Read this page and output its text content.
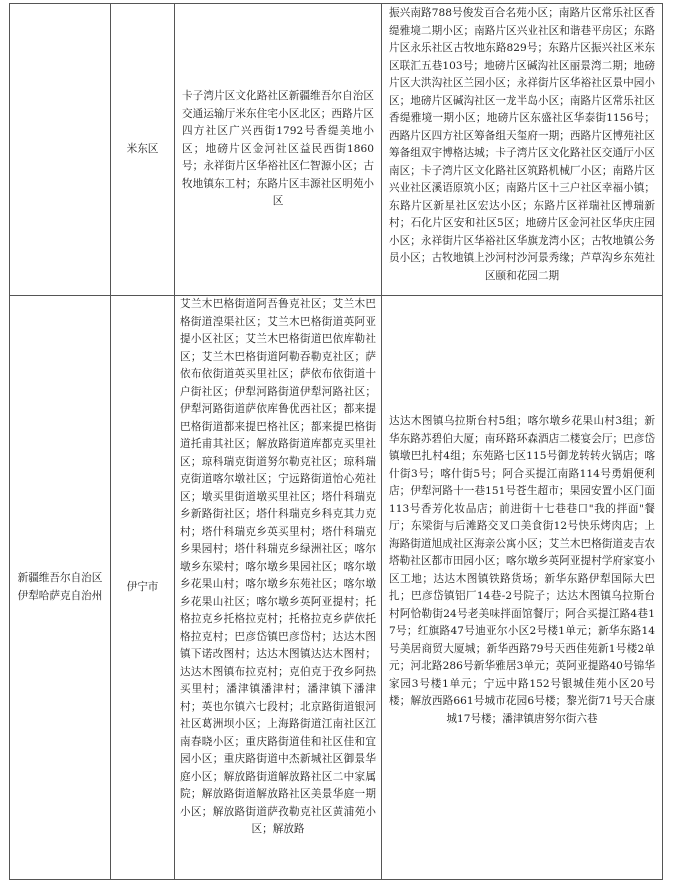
米东区
卡子湾片区文化路社区新疆维吾尔自治区交通运输厅米东住宅小区北区；西路片区四方社区广兴西街1792号香缇美地小区；地磅片区金河社区益民西街1860号；永祥街片区华裕社区仁智源小区；古牧地镇东工村；东路片区丰源社区明苑小区
振兴南路788号俊发百合名苑小区；南路片区常乐社区香缇雅境二期小区；南路片区兴业社区和谐巷平房区；东路片区永乐社区古牧地东路829号；东路片区振兴社区米东区联汇五巷103号；地磅片区碱沟社区丽景湾二期；地磅片区大洪沟社区兰园小区；永祥街片区华裕社区景中园小区；地磅片区碱沟社区一龙半岛小区；南路片区常乐社区香缇雅境一期小区；地磅片区东盛社区华泰街1156号；西路片区四方社区筹备组天玺府一期；西路片区博苑社区筹备组双宇博格达城；卡子湾片区文化路社区交通厅小区南区；卡子湾片区文化路社区筑路机械厂小区；南路片区兴业社区溪语原筑小区；南路片区十三户社区幸福小镇；东路片区新星社区宏达小区；东路片区祥瑞社区博瑞新村；石化片区安和社区5区；地磅片区金河社区华庆庄园小区；永祥街片区华裕社区华旗龙湾小区；古牧地镇公务员小区；古牧地镇上沙河村沙河景秀缘；芦草沟乡东苑社区颐和花园二期
新疆维吾尔自治区伊犁哈萨克自治州
伊宁市
艾兰木巴格街道阿吾鲁克社区；艾兰木巴格街道湟渠社区；艾兰木巴格街道英阿亚提小区社区；艾兰木巴格街道巴依库勒社区；艾兰木巴格街道阿勒吞勒克社区；萨依布依街道英买里社区；萨依布依街道十户街社区；伊犁河路街道伊犁河路社区；伊犁河路街道萨依库鲁优西社区；都来提巴格街道都来提巴格社区；都来提巴格街道托甫其社区；解放路街道库都克买里社区；琼科瑞克街道努尔勒克社区；琼科瑞克街道喀尔墩社区；宁远路街道怡心苑社区；墩买里街道墩买里社区；塔什科瑞克乡新路街社区；塔什科瑞克乡科克其力克村；塔什科瑞克乡英买里村；塔什科瑞克乡果园村；塔什科瑞克乡绿洲社区；喀尔墩乡东梁村；喀尔墩乡果园社区；喀尔墩乡花果山村；喀尔墩乡东苑社区；喀尔墩乡花果山社区；喀尔墩乡英阿亚提村；托格拉克乡托格拉克村；托格拉克乡萨依托格拉克村；巴彦岱镇巴彦岱村；达达木图镇下诺改图村；达达木图镇达达木图村；达达木图镇布拉克村；克伯克于孜乡阿热买里村；潘津镇潘津村；潘津镇下潘津村；英也尔镇六七段村；北京路街道银河社区葛洲坝小区；上海路街道江南社区江南春晓小区；重庆路街道佳和社区佳和宜园小区；重庆路街道中杰新城社区御景华庭小区；解放路街道解放路社区二中家属院；解放路街道解放路社区美景华庭一期小区；解放路街道萨孜勒克社区黄浦苑小区；解放路
达达木图镇乌拉斯台村5组；喀尔墩乡花果山村3组；新华东路苏碧伯大厦；南环路环森酒店二楼宴会厅；巴彦岱镇墩巴扎村4组；东苑路七区115号御龙转转火锅店；喀什街3号；喀什街5号；阿合买提江南路114号勇娟便利店；伊犁河路十一巷151号苍生超市；果园安置小区门面113号香芳化妆品店；前进街十七巷巷口"我的拌面"餐厅；东梁街与后滩路交叉口美食街12号快乐烤肉店；上海路街道旭成社区海亲公寓小区；艾兰木巴格街道麦吉农塔勒社区都市田园小区；喀尔墩乡英阿亚提村学府家宴小区工地；达达木图镇铁路货场；新华东路伊犁国际大巴扎；巴彦岱镇铝厂14巷-2号院子；达达木图镇乌拉斯台村阿恰勒街24号老美味拌面馆餐厅；阿合买提江路4巷17号；红旗路47号迪亚尔小区2号楼1单元；新华东路14号美居商贸大厦城；新华西路79号天西佳苑新1号楼2单元；河北路286号新华雅居3单元；英阿亚提路40号锦华家园3号楼1单元；宁远中路152号银城佳苑小区20号楼；解放西路661号城市花园6号楼；黎光街71号天合康城17号楼；潘津镇唐努尔街六巷
